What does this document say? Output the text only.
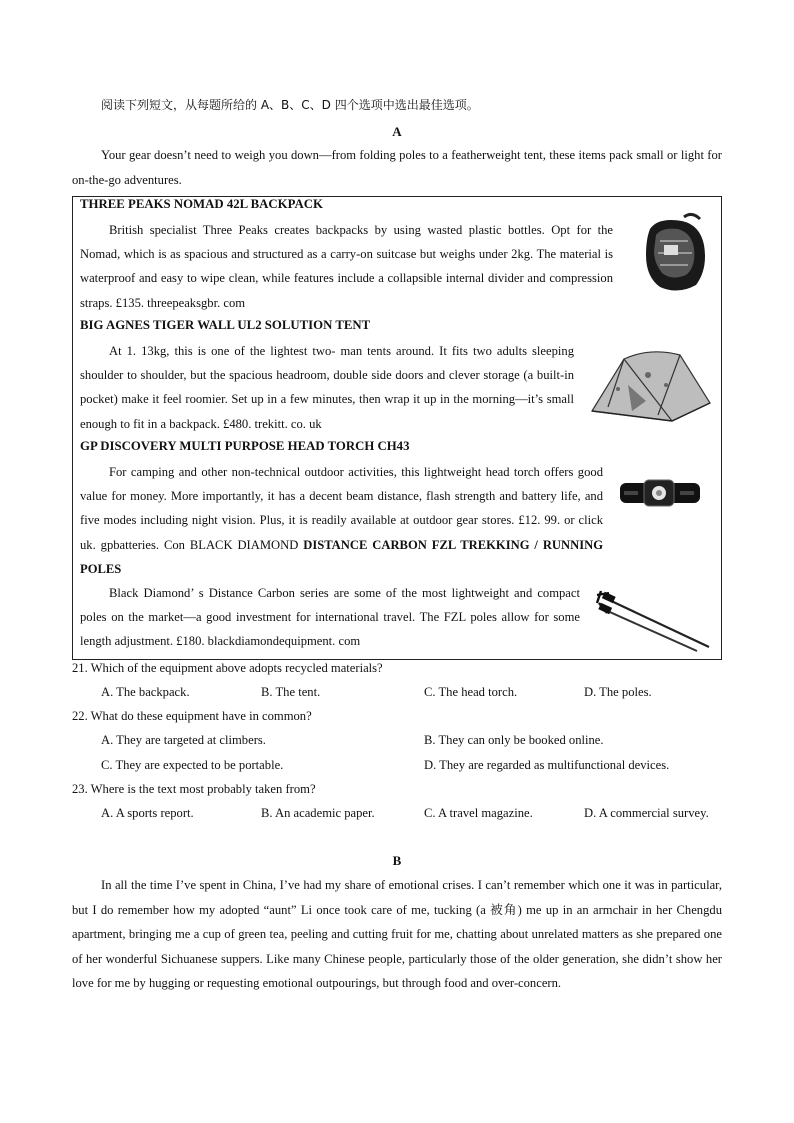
阅读下列短文，从每题所给的 A、B、C、D 四个选项中选出最佳选项。
A
Your gear doesn’t need to weigh you down—from folding poles to a featherweight tent, these items pack small or light for on-the-go adventures.
THREE PEAKS NOMAD 42L BACKPACK
British specialist Three Peaks creates backpacks by using wasted plastic bottles. Opt for the Nomad, which is as spacious and structured as a carry-on suitcase but weighs under 2kg. The material is waterproof and easy to wipe clean, while features include a collapsible internal divider and compression straps. £135. threepeaksgbr. com
BIG AGNES TIGER WALL UL2 SOLUTION TENT
At 1. 13kg, this is one of the lightest two- man tents around. It fits two adults sleeping shoulder to shoulder, but the spacious headroom, double side doors and clever storage (a built-in pocket) make it feel roomier. Set up in a few minutes, then wrap it up in the morning—it’s small enough to fit in a backpack. £480. trekitt. co. uk
GP DISCOVERY MULTI PURPOSE HEAD TORCH CH43
For camping and other non-technical outdoor activities, this lightweight head torch offers good value for money. More importantly, it has a decent beam distance, flash strength and battery life, and five modes including night vision. Plus, it is readily available at outdoor gear stores. £12. 99. or click uk. gpbatteries. Con BLACK DIAMOND DISTANCE CARBON FZL TREKKING / RUNNING POLES
Black Diamond’ s Distance Carbon series are some of the most lightweight and compact poles on the market—a good investment for international travel. The FZL poles allow for some length adjustment. £180. blackdiamondequipment. com
21. Which of the equipment above adopts recycled materials?
A. The backpack.	B. The tent.	C. The head torch.	D. The poles.
22. What do these equipment have in common?
A. They are targeted at climbers.	B. They can only be booked online.
C. They are expected to be portable.	D. They are regarded as multifunctional devices.
23. Where is the text most probably taken from?
A. A sports report.	B. An academic paper.	C. A travel magazine.	D. A commercial survey.
B
In all the time I’ve spent in China, I’ve had my share of emotional crises. I can’t remember which one it was in particular, but I do remember how my adopted “aunt” Li once took care of me, tucking (a 被角) me up in an armchair in her Chengdu apartment, bringing me a cup of green tea, peeling and cutting fruit for me, chatting about unrelated matters as she prepared one of her wonderful Sichuanese suppers. Like many Chinese people, particularly those of the older generation, she didn’t show her love for me by hugging or requesting emotional outpourings, but through food and over-concern.
